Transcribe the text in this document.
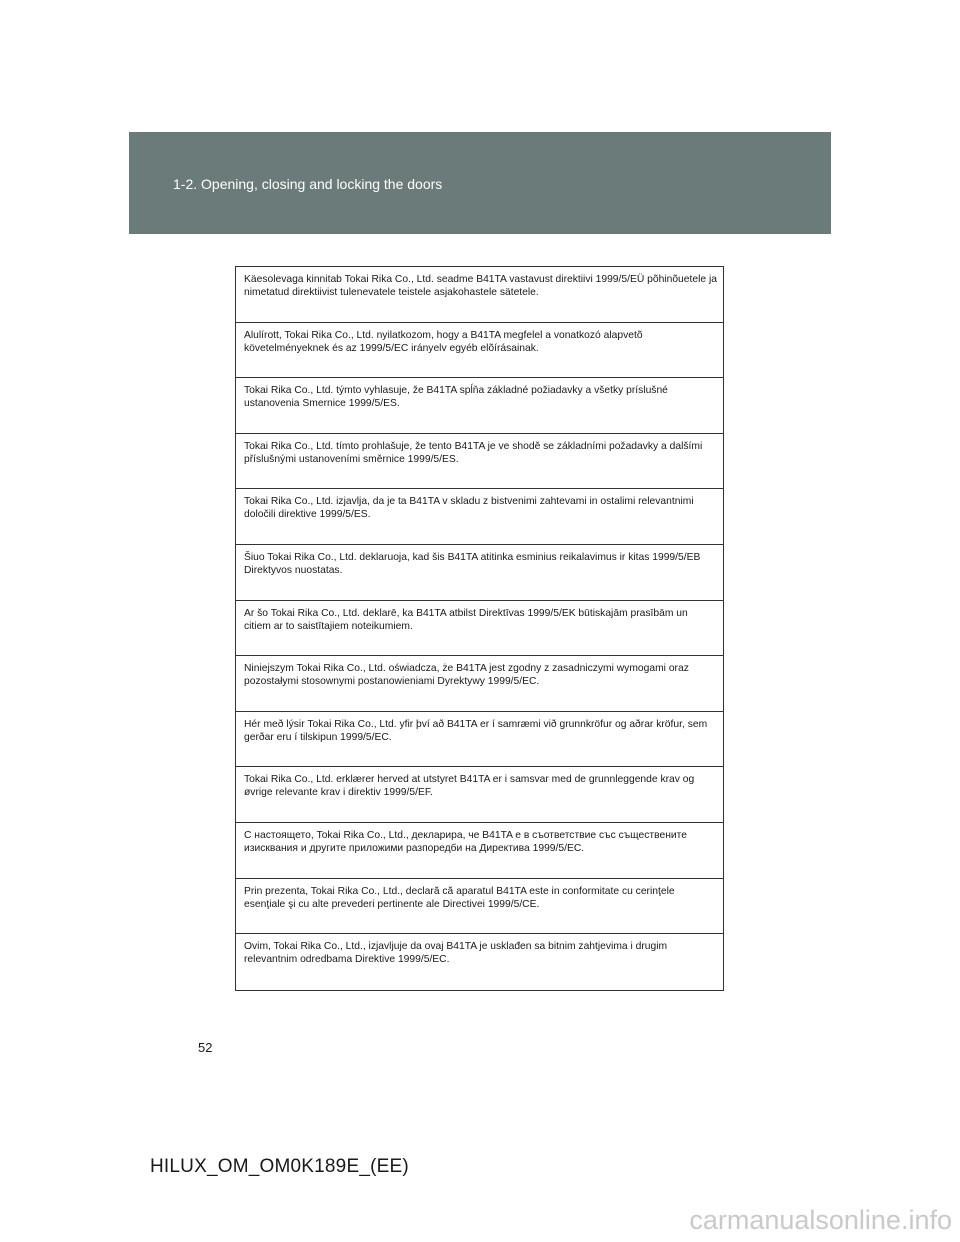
1-2. Opening, closing and locking the doors
Käesolevaga kinnitab Tokai Rika Co., Ltd. seadme B41TA vastavust direktiivi 1999/5/EÜ põhinõuetele ja nimetatud direktiivist tulenevatele teistele asjakohastele sätetele.
Alulírott, Tokai Rika Co., Ltd. nyilatkozom, hogy a B41TA megfelel a vonatkozó alapvetõ követelményeknek és az 1999/5/EC irányelv egyéb elõírásainak.
Tokai Rika Co., Ltd. týmto vyhlasuje, že B41TA spĺňa základné požiadavky a všetky príslušné ustanovenia Smernice 1999/5/ES.
Tokai Rika Co., Ltd. tímto prohlašuje, že tento B41TA je ve shodě se základními požadavky a dalšími příslušnými ustanoveními směrnice 1999/5/ES.
Tokai Rika Co., Ltd. izjavlja, da je ta B41TA v skladu z bistvenimi zahtevami in ostalimi relevantnimi določili direktive 1999/5/ES.
Šiuo Tokai Rika Co., Ltd. deklaruoja, kad šis B41TA atitinka esminius reikalavimus ir kitas 1999/5/EB Direktyvos nuostatas.
Ar šo Tokai Rika Co., Ltd. deklarē, ka B41TA atbilst Direktīvas 1999/5/EK būtiskajām prasībām un citiem ar to saistītajiem noteikumiem.
Niniejszym Tokai Rika Co., Ltd. oświadcza, że B41TA jest zgodny z zasadniczymi wymogami oraz pozostałymi stosownymi postanowieniami Dyrektywy 1999/5/EC.
Hér með lýsir Tokai Rika Co., Ltd. yfir því að B41TA er í samræmi við grunnkröfur og aðrar kröfur, sem gerðar eru í tilskipun 1999/5/EC.
Tokai Rika Co., Ltd. erklærer herved at utstyret B41TA er i samsvar med de grunnleggende krav og øvrige relevante krav i direktiv 1999/5/EF.
С настоящето, Tokai Rika Co., Ltd., декларира, че B41TA е в съответствие със съществените изисквания и другите приложими разпоредби на Директива 1999/5/ЕС.
Prin prezenta, Tokai Rika Co., Ltd., declară că aparatul B41TA este in conformitate cu cerinţele esenţiale şi cu alte prevederi pertinente ale Directivei 1999/5/CE.
Ovim, Tokai Rika Co., Ltd., izjavljuje da ovaj B41TA je usklađen sa bitnim zahtjevima i drugim relevantnim odredbama Direktive 1999/5/EC.
52
HILUX_OM_OM0K189E_(EE)
carmanualsonline.info
